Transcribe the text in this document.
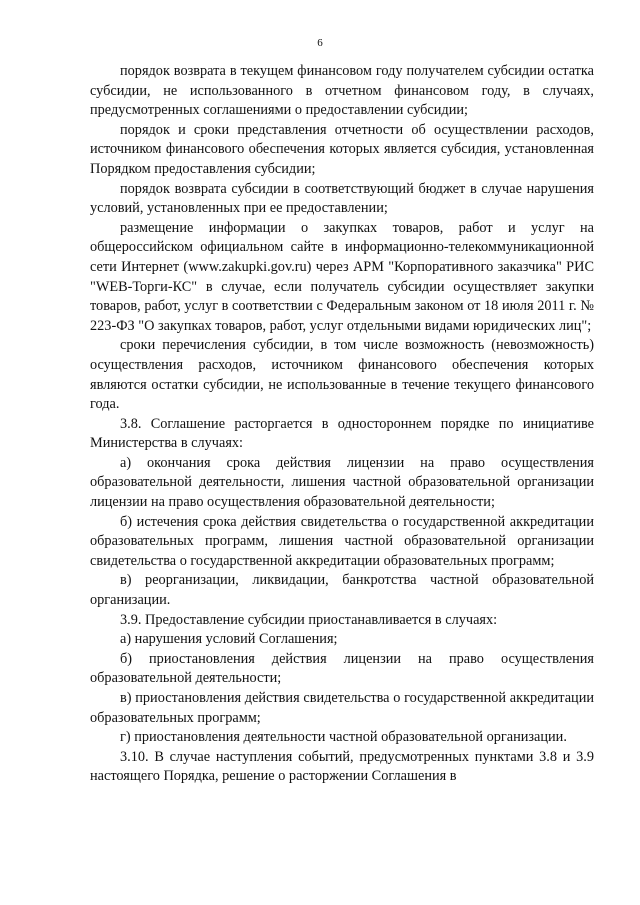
6

порядок возврата в текущем финансовом году получателем субсидии остатка субсидии, не использованного в отчетном финансовом году, в случаях, предусмотренных соглашениями о предоставлении субсидии;

порядок и сроки представления отчетности об осуществлении расходов, источником финансового обеспечения которых является субсидия, установленная Порядком предоставления субсидии;

порядок возврата субсидии в соответствующий бюджет в случае нарушения условий, установленных при ее предоставлении;

размещение информации о закупках товаров, работ и услуг на общероссийском официальном сайте в информационно-телекоммуникационной сети Интернет (www.zakupki.gov.ru) через АРМ "Корпоративного заказчика" РИС "WEB-Торги-КС" в случае, если получатель субсидии осуществляет закупки товаров, работ, услуг в соответствии с Федеральным законом от 18 июля 2011 г. № 223-ФЗ "О закупках товаров, работ, услуг отдельными видами юридических лиц";

сроки перечисления субсидии, в том числе возможность (невозможность) осуществления расходов, источником финансового обеспечения которых являются остатки субсидии, не использованные в течение текущего финансового года.

3.8. Соглашение расторгается в одностороннем порядке по инициативе Министерства в случаях:

а) окончания срока действия лицензии на право осуществления образовательной деятельности, лишения частной образовательной организации лицензии на право осуществления образовательной деятельности;

б) истечения срока действия свидетельства о государственной аккредитации образовательных программ, лишения частной образовательной организации свидетельства о государственной аккредитации образовательных программ;

в) реорганизации, ликвидации, банкротства частной образовательной организации.

3.9. Предоставление субсидии приостанавливается в случаях:

а) нарушения условий Соглашения;

б) приостановления действия лицензии на право осуществления образовательной деятельности;

в) приостановления действия свидетельства о государственной аккредитации образовательных программ;

г) приостановления деятельности частной образовательной организации.

3.10. В случае наступления событий, предусмотренных пунктами 3.8 и 3.9 настоящего Порядка, решение о расторжении Соглашения в
